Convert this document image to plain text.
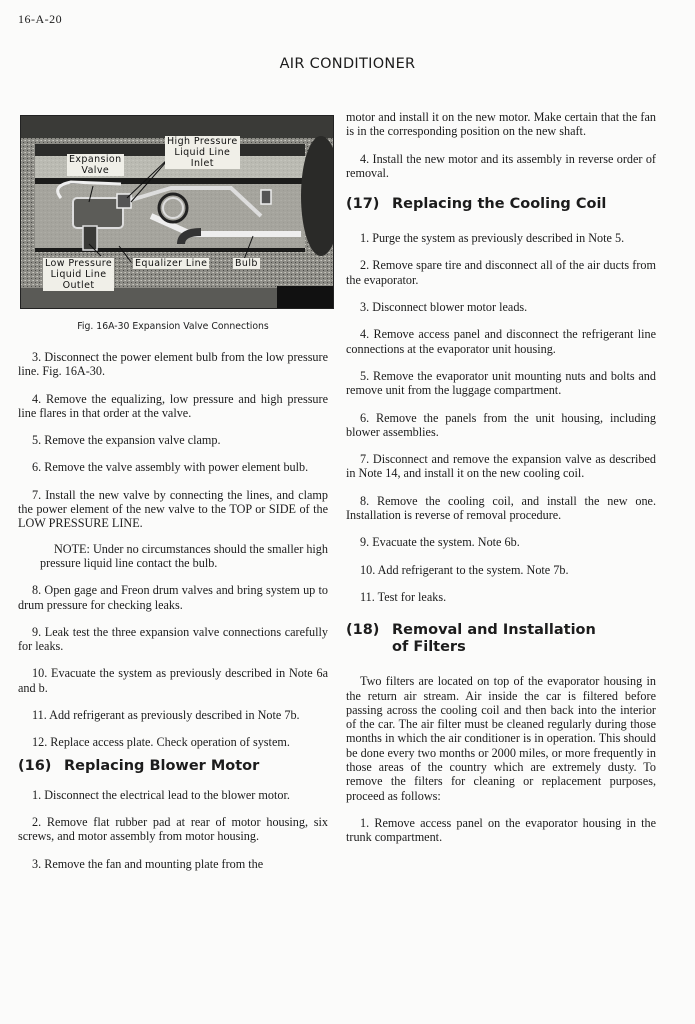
16-A-20
AIR CONDITIONER
Expansion
Valve
High Pressure
Liquid Line
Inlet
Low Pressure
Liquid Line
Outlet
Equalizer Line	Bulb
Fig. 16A-30 Expansion Valve Connections

3. Disconnect the power element bulb from the low pressure line. Fig. 16A-30.

4. Remove the equalizing, low pressure and high pressure line flares in that order at the valve.

5. Remove the expansion valve clamp.

6. Remove the valve assembly with power element bulb.

7. Install the new valve by connecting the lines, and clamp the power element of the new valve to the TOP or SIDE of the LOW PRESSURE LINE.

NOTE: Under no circumstances should the smaller high pressure liquid line contact the bulb.

8. Open gage and Freon drum valves and bring system up to drum pressure for checking leaks.

9. Leak test the three expansion valve connections carefully for leaks.

10. Evacuate the system as previously described in Note 6a and b.

11. Add refrigerant as previously described in Note 7b.

12. Replace access plate. Check operation of system.

(16) Replacing Blower Motor

1. Disconnect the electrical lead to the blower motor.

2. Remove flat rubber pad at rear of motor housing, six screws, and motor assembly from motor housing.

3. Remove the fan and mounting plate from the

motor and install it on the new motor. Make certain that the fan is in the corresponding position on the new shaft.

4. Install the new motor and its assembly in reverse order of removal.

(17) Replacing the Cooling Coil

1. Purge the system as previously described in Note 5.

2. Remove spare tire and disconnect all of the air ducts from the evaporator.

3. Disconnect blower motor leads.

4. Remove access panel and disconnect the refrigerant line connections at the evaporator unit housing.

5. Remove the evaporator unit mounting nuts and bolts and remove unit from the luggage compartment.

6. Remove the panels from the unit housing, including blower assemblies.

7. Disconnect and remove the expansion valve as described in Note 14, and install it on the new cooling coil.

8. Remove the cooling coil, and install the new one. Installation is reverse of removal procedure.

9. Evacuate the system. Note 6b.

10. Add refrigerant to the system. Note 7b.

11. Test for leaks.

(18) Removal and Installation
of Filters

Two filters are located on top of the evaporator housing in the return air stream. Air inside the car is filtered before passing across the cooling coil and then back into the interior of the car. The air filter must be cleaned regularly during those months in which the air conditioner is in operation. This should be done every two months or 2000 miles, or more frequently in those areas of the country which are extremely dusty. To remove the filters for cleaning or replacement purposes, proceed as follows:

1. Remove access panel on the evaporator housing in the trunk compartment.
